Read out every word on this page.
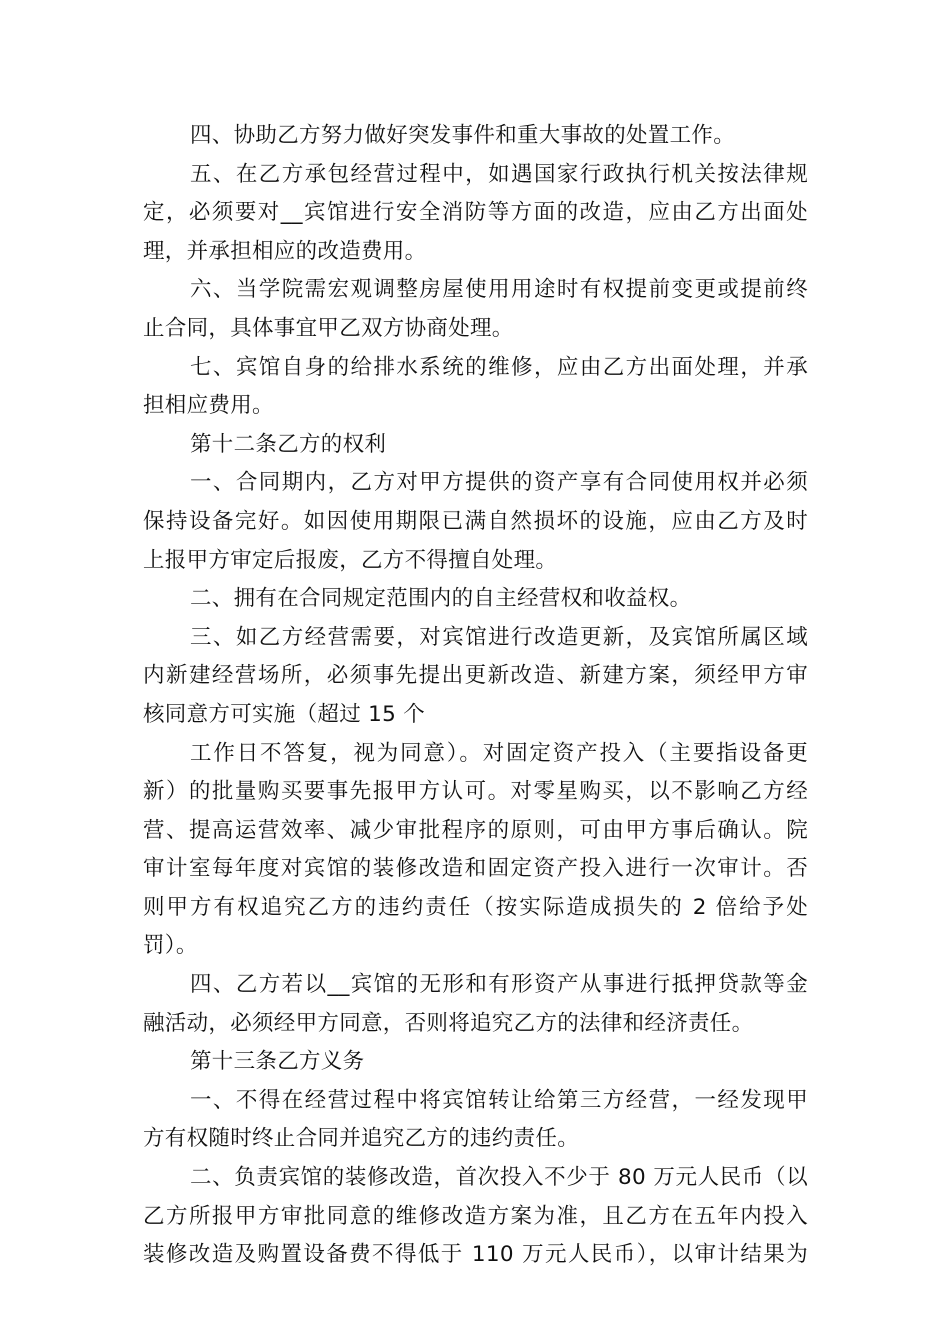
四、协助乙方努力做好突发事件和重大事故的处置工作。
五、在乙方承包经营过程中，如遇国家行政执行机关按法律规
定，必须要对__宾馆进行安全消防等方面的改造，应由乙方出面处
理，并承担相应的改造费用。
六、当学院需宏观调整房屋使用用途时有权提前变更或提前终
止合同，具体事宜甲乙双方协商处理。
七、宾馆自身的给排水系统的维修，应由乙方出面处理，并承
担相应费用。
第十二条乙方的权利
一、合同期内，乙方对甲方提供的资产享有合同使用权并必须
保持设备完好。如因使用期限已满自然损坏的设施，应由乙方及时
上报甲方审定后报废，乙方不得擅自处理。
二、拥有在合同规定范围内的自主经营权和收益权。
三、如乙方经营需要，对宾馆进行改造更新，及宾馆所属区域
内新建经营场所，必须事先提出更新改造、新建方案，须经甲方审
核同意方可实施（超过 15 个
工作日不答复，视为同意）。对固定资产投入（主要指设备更
新）的批量购买要事先报甲方认可。对零星购买，以不影响乙方经
营、提高运营效率、减少审批程序的原则，可由甲方事后确认。院
审计室每年度对宾馆的装修改造和固定资产投入进行一次审计。否
则甲方有权追究乙方的违约责任（按实际造成损失的 2 倍给予处
罚）。
四、乙方若以__宾馆的无形和有形资产从事进行抵押贷款等金
融活动，必须经甲方同意，否则将追究乙方的法律和经济责任。
第十三条乙方义务
一、不得在经营过程中将宾馆转让给第三方经营，一经发现甲
方有权随时终止合同并追究乙方的违约责任。
二、负责宾馆的装修改造，首次投入不少于 80 万元人民币（以
乙方所报甲方审批同意的维修改造方案为准，且乙方在五年内投入
装修改造及购置设备费不得低于 110 万元人民币），以审计结果为
